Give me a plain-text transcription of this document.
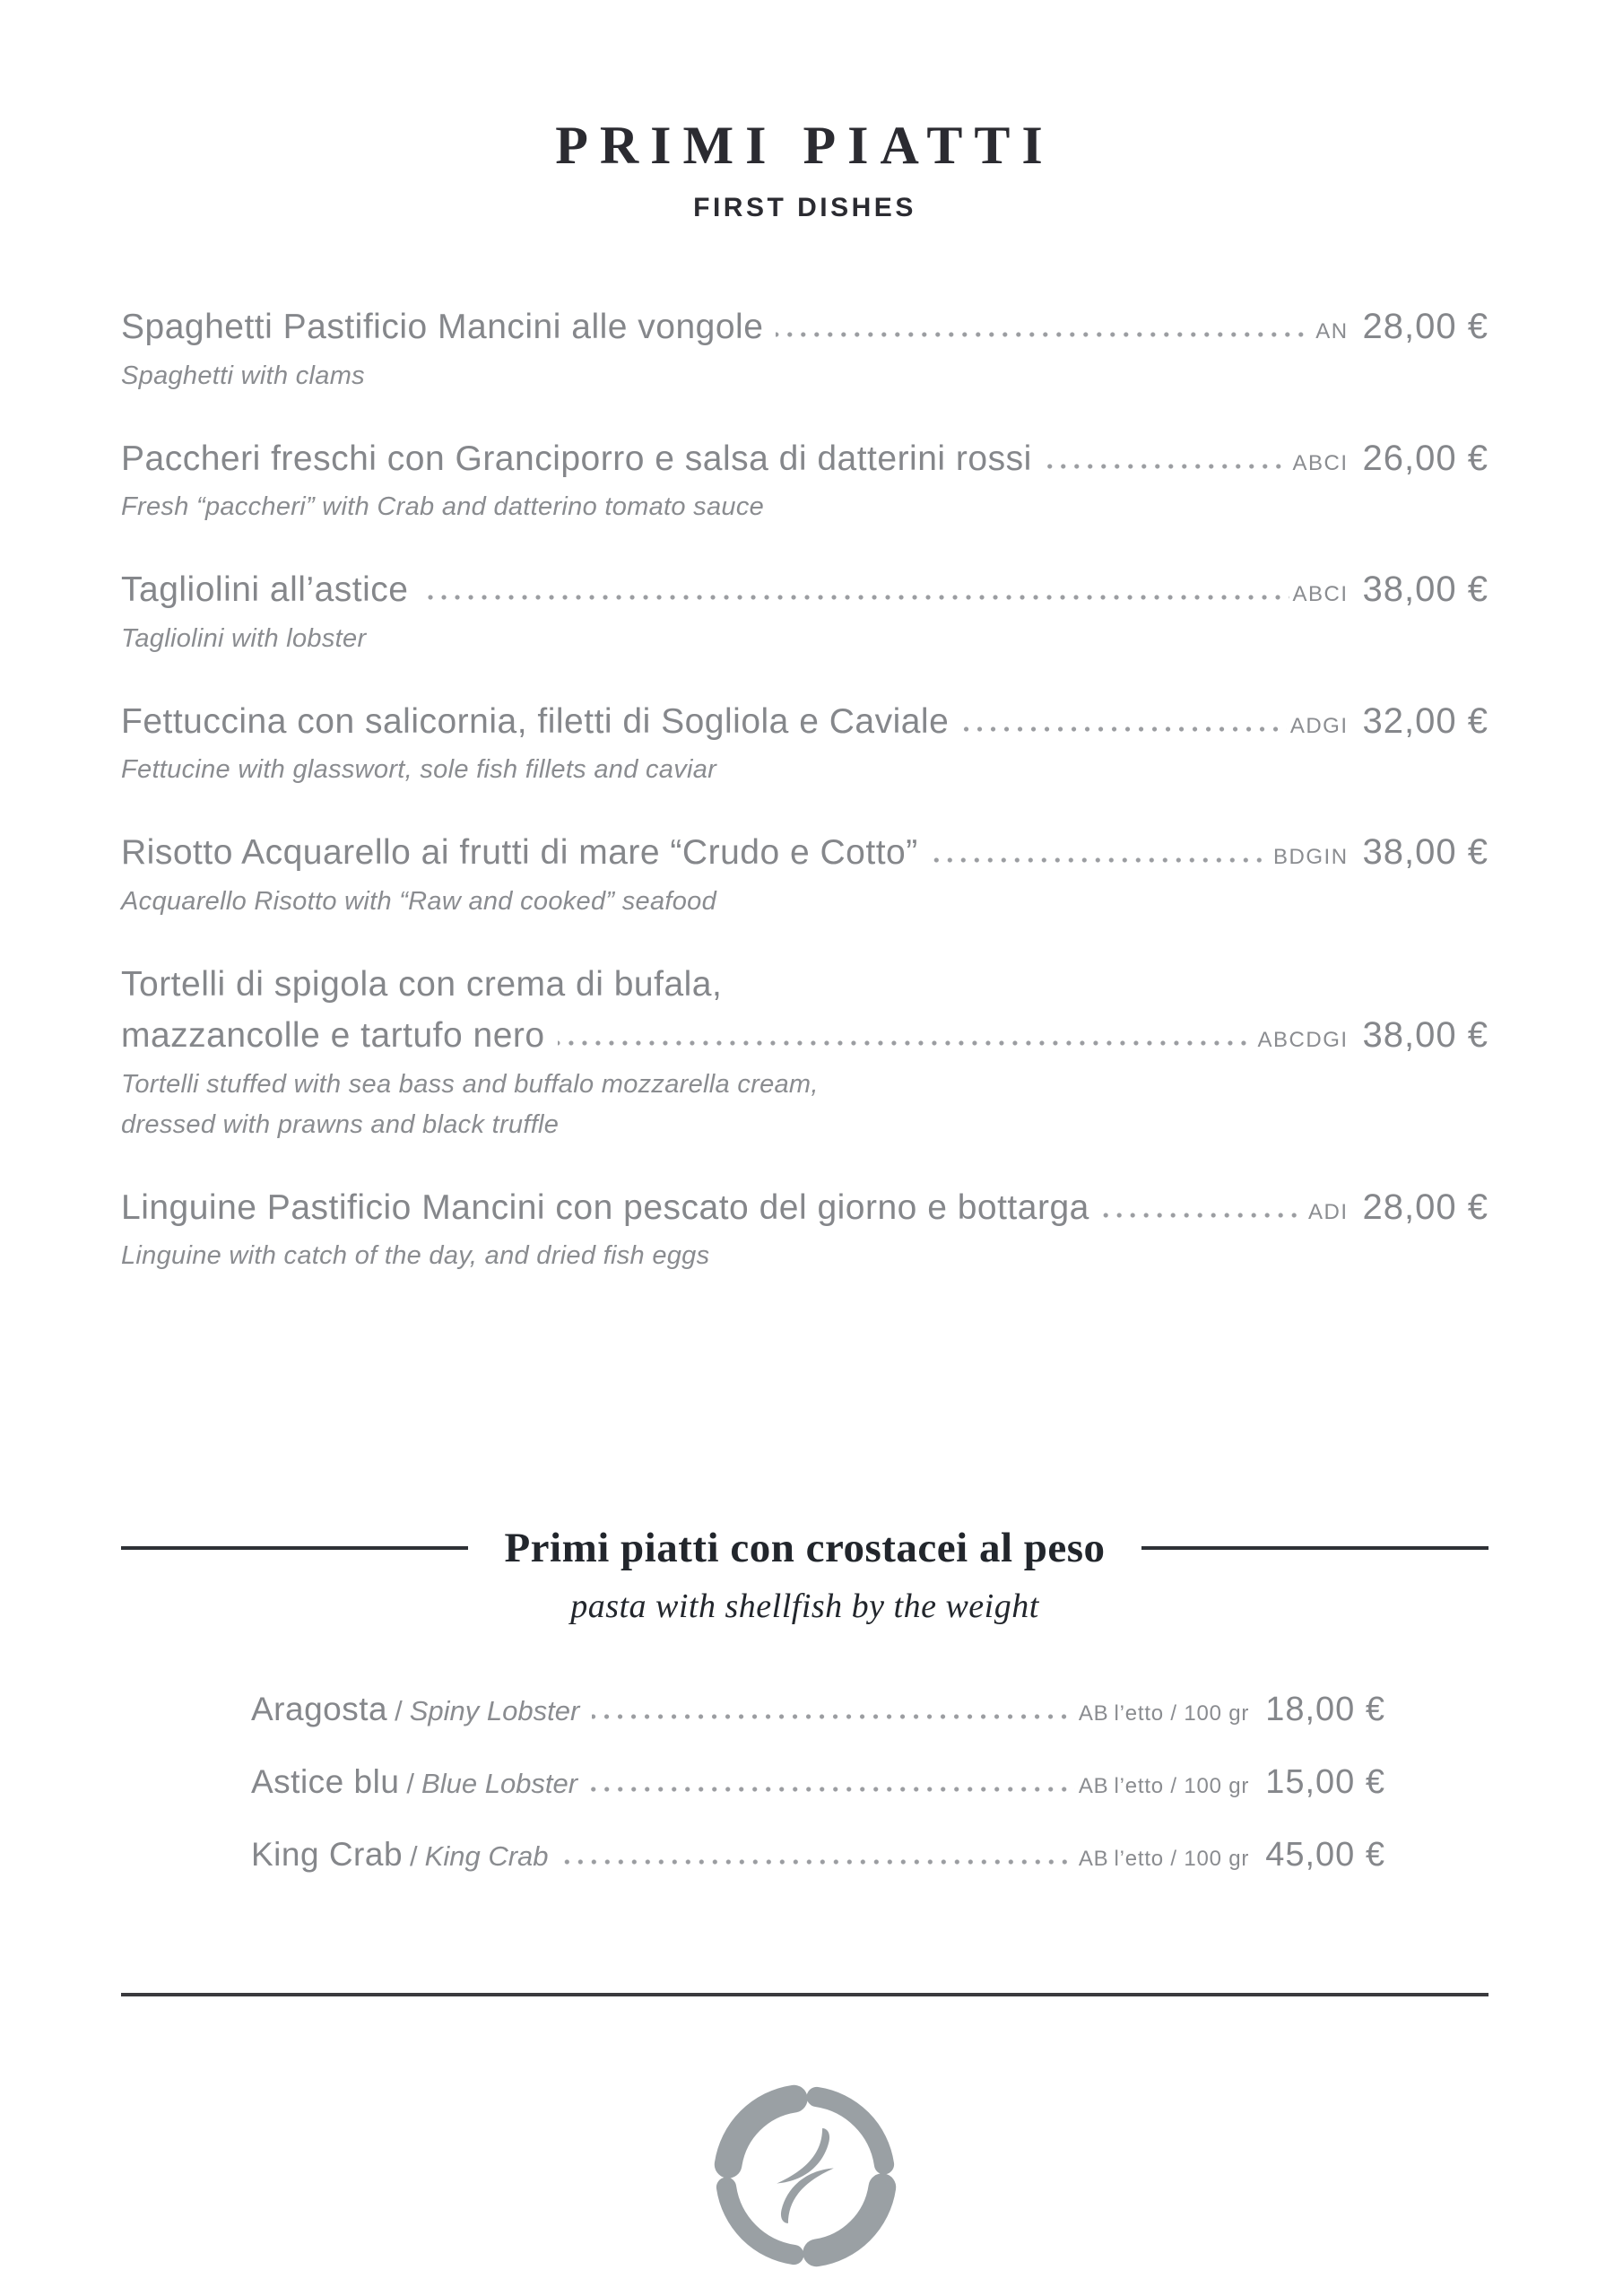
PRIMI PIATTI
FIRST DISHES
Spaghetti Pastificio Mancini alle vongole	AN 28,00 €
Spaghetti with clams
Paccheri freschi con Granciporro e salsa di datterini rossi	ABCI 26,00 €
Fresh “paccheri” with Crab and datterino tomato sauce
Tagliolini all’astice	ABCI 38,00 €
Tagliolini with lobster
Fettuccina con salicornia, filetti di Sogliola e Caviale	ADGI 32,00 €
Fettucine with glasswort, sole fish fillets and caviar
Risotto Acquarello ai frutti di mare “Crudo e Cotto”	BDGIN 38,00 €
Acquarello Risotto with “Raw and cooked” seafood
Tortelli di spigola con crema di bufala,
mazzancolle e tartufo nero	ABCDGI 38,00 €
Tortelli stuffed with sea bass and buffalo mozzarella cream,
dressed with prawns and black truffle
Linguine Pastificio Mancini con pescato del giorno e bottarga	ADI 28,00 €
Linguine with catch of the day, and dried fish eggs
Primi piatti con crostacei al peso
pasta with shellfish by the weight
Aragosta / Spiny Lobster	AB l’etto / 100 gr 18,00 €
Astice blu / Blue Lobster	AB l’etto / 100 gr 15,00 €
King Crab / King Crab	AB l’etto / 100 gr 45,00 €
